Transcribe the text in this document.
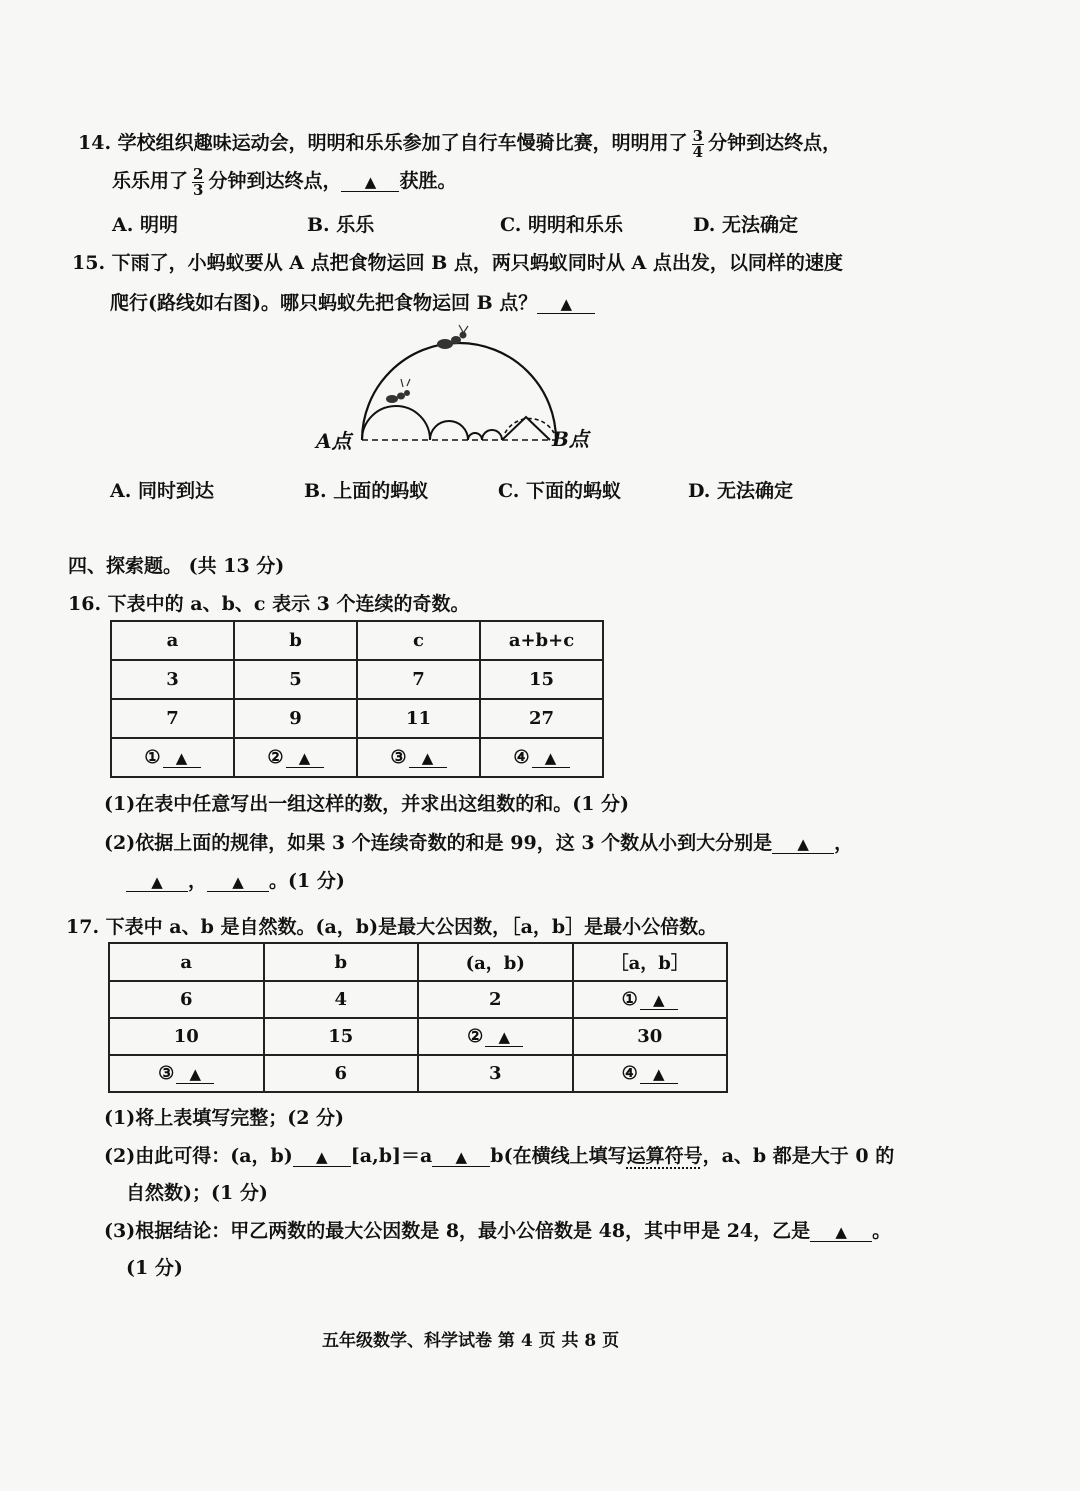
14. 学校组织趣味运动会，明明和乐乐参加了自行车慢骑比赛，明明用了 $\frac{3}{4}$ 分钟到达终点，
乐乐用了 $\frac{2}{3}$ 分钟到达终点， ▲ 获胜。
A. 明明	B. 乐乐	C. 明明和乐乐	D. 无法确定
15. 下雨了，小蚂蚁要从 A 点把食物运回 B 点，两只蚂蚁同时从 A 点出发，以同样的速度
爬行(路线如右图)。哪只蚂蚁先把食物运回 B 点？ ▲
A点	B点
A. 同时到达	B. 上面的蚂蚁	C. 下面的蚂蚁	D. 无法确定
四、探索题。 (共 13 分)
16. 下表中的 a、b、c 表示 3 个连续的奇数。
a	b	c	a+b+c
3	5	7	15
7	9	11	27
① ▲	② ▲	③ ▲	④ ▲
(1)在表中任意写出一组这样的数，并求出这组数的和。(1 分)
(2)依据上面的规律，如果 3 个连续奇数的和是 99，这 3 个数从小到大分别是 ▲ ，
▲ ， ▲ 。(1 分)
17. 下表中 a、b 是自然数。(a，b)是最大公因数，［a，b］是最小公倍数。
a	b	(a，b)	［a，b］
6	4	2	① ▲
10	15	② ▲	30
③ ▲	6	3	④ ▲
(1)将上表填写完整；(2 分)
(2)由此可得：(a，b) ▲ [a,b]＝a ▲ b(在横线上填写运算符号，a、b 都是大于 0 的
自然数)；(1 分)
(3)根据结论：甲乙两数的最大公因数是 8，最小公倍数是 48，其中甲是 24，乙是 ▲ 。
(1 分)
五年级数学、科学试卷 第 4 页 共 8 页
